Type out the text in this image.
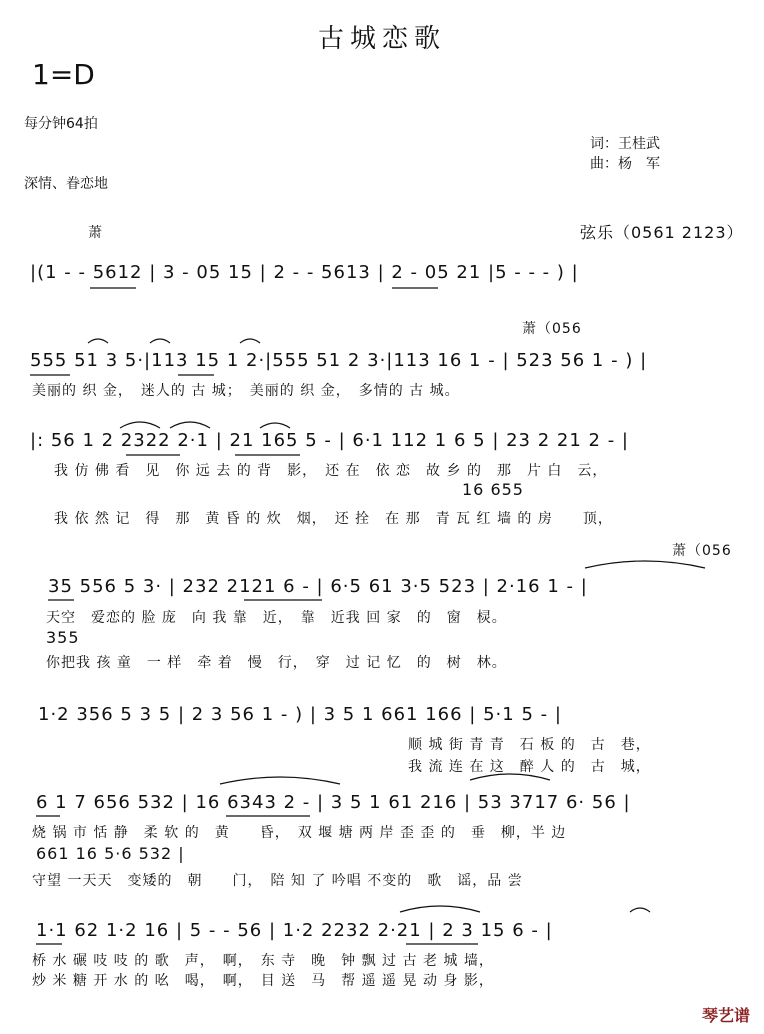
古城恋歌
1=D
每分钟64拍
深情、眷恋地
词：王桂武
曲：杨　军
萧	弦乐（0561 2123）
|(1 - - 5612 | 3 - 05 15 | 2 - - 5613 | 2 - 05 21 |5 - - - ) |
萧（056
555 51 3 5·|113 15 1 2·|555 51 2 3·|113 16 1 - | 523 56 1 - ) |
美丽的 织 金，　迷人的 古 城；　美丽的 织 金，　多情的 古 城。
|: 56 1 2 2322 2·1 | 21 165 5 - | 6·1 112 1 6 5 | 23 2 21 2 - |
我 仿 佛 看　见　你 远 去 的 背　影，　还 在　依 恋　故 乡 的　那　片 白　云，
16 655
我 依 然 记　得　那　黄 昏 的 炊　烟，　还 拴　在 那　青 瓦 红 墙 的 房　　顶，
萧（056
35 556 5 3· | 232 2121 6 - | 6·5 61 3·5 523 | 2·16 1 - |
天空　爱恋的 脸 庞　向 我 靠　近，　靠　近我 回 家　的　窗　棂。
355
你把我 孩 童　一 样　牵 着　慢　行，　穿　过 记 忆　的　树　林。
1·2 356 5 3 5 | 2 3 56 1 - ) | 3 5 1 661 166 | 5·1 5 - |
顺 城 街 青 青　石 板 的　古　巷，
我 流 连 在 这　醉 人 的　古　城，
6 1 7 656 532 | 16 6343 2 - | 3 5 1 61 216 | 53 3717 6· 56 |
烧 锅 市 恬 静　柔 软 的　黄　　昏，　双 堰 塘 两 岸 歪 歪 的　垂　柳，半 边
661 16 5·6 532 |
守望 一天天　变矮的　朝　　门，　陪 知 了 吟唱 不变的　歌　谣，品 尝
1·1 62 1·2 16 | 5 - - 56 | 1·2 2232 2·21 | 2 3 15 6 - |
桥 水 碾 吱 吱 的 歌　声，　啊，　东 寺　晚　钟 飘 过 古 老 城 墙，
炒 米 糖 开 水 的 吆　喝，　啊，　目 送　马　帮 遥 遥 晃 动 身 影，
琴艺谱
